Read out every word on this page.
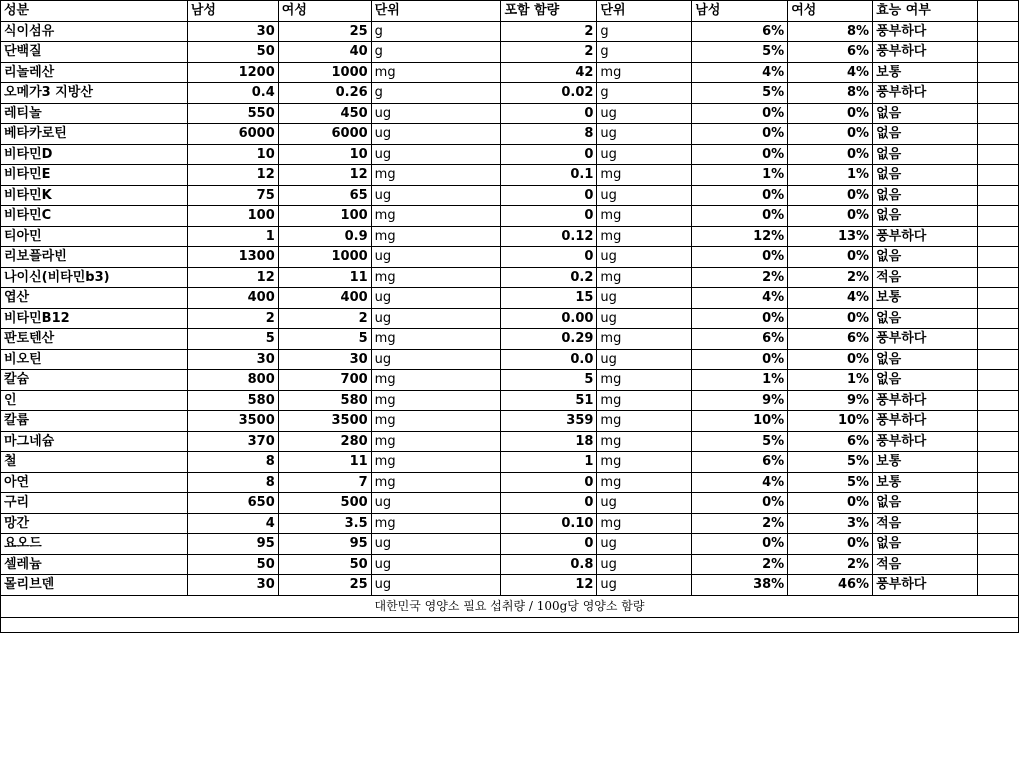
성분	남성	여성	단위	포함 함량	단위	남성	여성	효능 여부	
식이섬유	30	25	g	2	g	6%	8%	풍부하다	
단백질	50	40	g	2	g	5%	6%	풍부하다	
리놀레산	1200	1000	mg	42	mg	4%	4%	보통	
오메가3 지방산	0.4	0.26	g	0.02	g	5%	8%	풍부하다	
레티놀	550	450	ug	0	ug	0%	0%	없음	
베타카로틴	6000	6000	ug	8	ug	0%	0%	없음	
비타민D	10	10	ug	0	ug	0%	0%	없음	
비타민E	12	12	mg	0.1	mg	1%	1%	없음	
비타민K	75	65	ug	0	ug	0%	0%	없음	
비타민C	100	100	mg	0	mg	0%	0%	없음	
티아민	1	0.9	mg	0.12	mg	12%	13%	풍부하다	
리보플라빈	1300	1000	ug	0	ug	0%	0%	없음	
나이신(비타민b3)	12	11	mg	0.2	mg	2%	2%	적음	
엽산	400	400	ug	15	ug	4%	4%	보통	
비타민B12	2	2	ug	0.00	ug	0%	0%	없음	
판토텐산	5	5	mg	0.29	mg	6%	6%	풍부하다	
비오틴	30	30	ug	0.0	ug	0%	0%	없음	
칼슘	800	700	mg	5	mg	1%	1%	없음	
인	580	580	mg	51	mg	9%	9%	풍부하다	
칼륨	3500	3500	mg	359	mg	10%	10%	풍부하다	
마그네슘	370	280	mg	18	mg	5%	6%	풍부하다	
철	8	11	mg	1	mg	6%	5%	보통	
아연	8	7	mg	0	mg	4%	5%	보통	
구리	650	500	ug	0	ug	0%	0%	없음	
망간	4	3.5	mg	0.10	mg	2%	3%	적음	
요오드	95	95	ug	0	ug	0%	0%	없음	
셀레늄	50	50	ug	0.8	ug	2%	2%	적음	
몰리브덴	30	25	ug	12	ug	38%	46%	풍부하다	
대한민국 영양소 필요 섭취량 / 100g당 영양소 함량									
